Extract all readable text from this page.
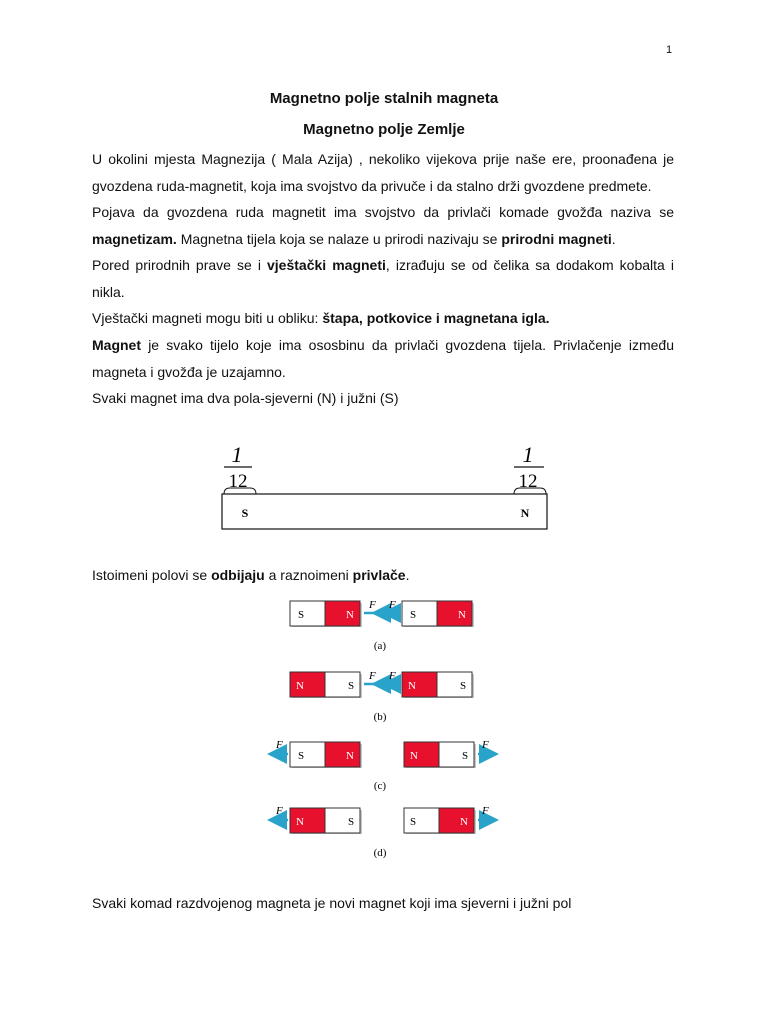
1
Magnetno polje stalnih magneta
Magnetno polje Zemlje

U okolini mjesta Magnezija ( Mala Azija) , nekoliko vijekova prije naše ere, proonađena je gvozdena ruda-magnetit, koja ima svojstvo da privuče i da stalno drži gvozdene predmete.

Pojava da gvozdena ruda magnetit ima svojstvo da privlači komade gvožđa naziva se magnetizam. Magnetna tijela koja se nalaze u prirodi nazivaju se prirodni magneti.

Pored prirodnih prave se i vještački magneti, izrađuju se od čelika sa dodakom kobalta i nikla.

Vještački magneti mogu biti u obliku: štapa, potkovice i magnetana igla.

Magnet je svako tijelo koje ima ososbinu da privlači gvozdena tijela. Privlačenje između magneta i gvožđa je uzajamno.

Svaki magnet ima dva pola-sjeverni (N) i južni (S)

1
12
1
12
S	N

Istoimeni polovi se odbijaju a raznoimeni privlače.

S	N
F F
S	N
(a)
N	S
F F
N	S
(b)
F
S	N	N	S
F
(c)
F
N	S	S	N
F
(d)

Svaki komad razdvojenog magneta je novi magnet koji ima sjeverni i južni pol
